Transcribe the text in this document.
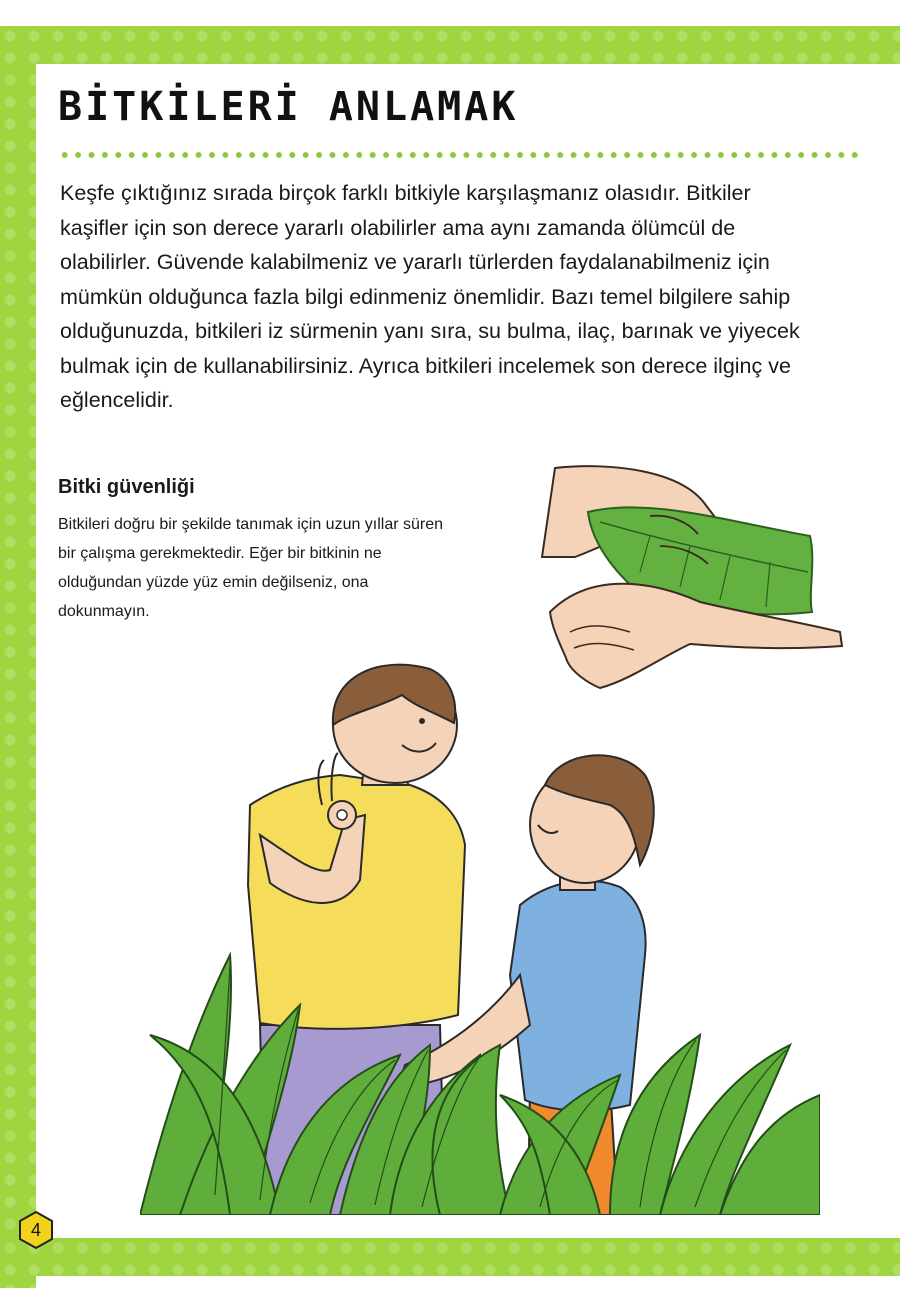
BİTKİLERİ ANLAMAK

Keşfe çıktığınız sırada birçok farklı bitkiyle karşılaşmanız olasıdır. Bitkiler kaşifler için son derece yararlı olabilirler ama aynı zamanda ölümcül de olabilirler. Güvende kalabilmeniz ve yararlı türlerden faydalanabilmeniz için mümkün olduğunca fazla bilgi edinmeniz önemlidir. Bazı temel bilgilere sahip olduğunuzda, bitkileri iz sürmenin yanı sıra, su bulma, ilaç, barınak ve yiyecek bulmak için de kullanabilirsiniz. Ayrıca bitkileri incelemek son derece ilginç ve eğlencelidir.

Bitki güvenliği

Bitkileri doğru bir şekilde tanımak için uzun yıllar süren bir çalışma gerekmektedir. Eğer bir bitkinin ne olduğundan yüzde yüz emin değilseniz, ona dokunmayın.

4
